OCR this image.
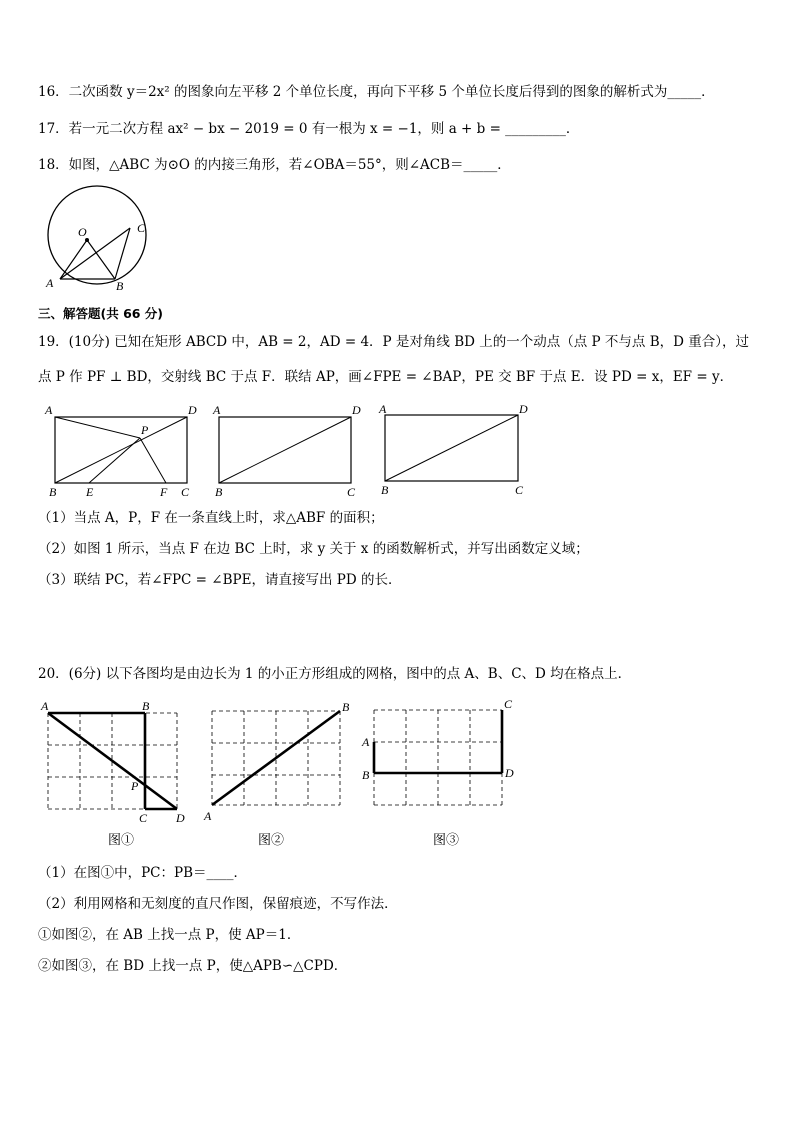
16．二次函数 y＝2x² 的图象向左平移 2 个单位长度，再向下平移 5 个单位长度后得到的图象的解析式为_____．
17．若一元二次方程 ax² − bx − 2019 = 0 有一根为 x = −1，则 a + b = _________．
18．如图，△ABC 为⊙O 的内接三角形，若∠OBA＝55°，则∠ACB＝_____．
O
A	B
C
三、解答题(共 66 分)
19．(10分) 已知在矩形 ABCD 中，AB = 2，AD = 4．P 是对角线 BD 上的一个动点（点 P 不与点 B，D 重合），过
点 P 作 PF ⊥ BD，交射线 BC 于点 F．联结 AP，画∠FPE = ∠BAP，PE 交 BF 于点 E．设 PD = x，EF = y．
A	D
B E	F C
P
A	D
B	C
A	D
B	C
（1）当点 A，P，F 在一条直线上时，求△ABF 的面积；
（2）如图 1 所示，当点 F 在边 BC 上时，求 y 关于 x 的函数解析式，并写出函数定义域；
（3）联结 PC，若∠FPC = ∠BPE，请直接写出 PD 的长．
20．(6分) 以下各图均是由边长为 1 的小正方形组成的网格，图中的点 A、B、C、D 均在格点上．
A	B
P
C D A
B
A
B
C
D
图①	图②	图③
（1）在图①中，PC：PB＝____．
（2）利用网格和无刻度的直尺作图，保留痕迹，不写作法．
①如图②，在 AB 上找一点 P，使 AP＝1．
②如图③，在 BD 上找一点 P，使△APB∽△CPD．
